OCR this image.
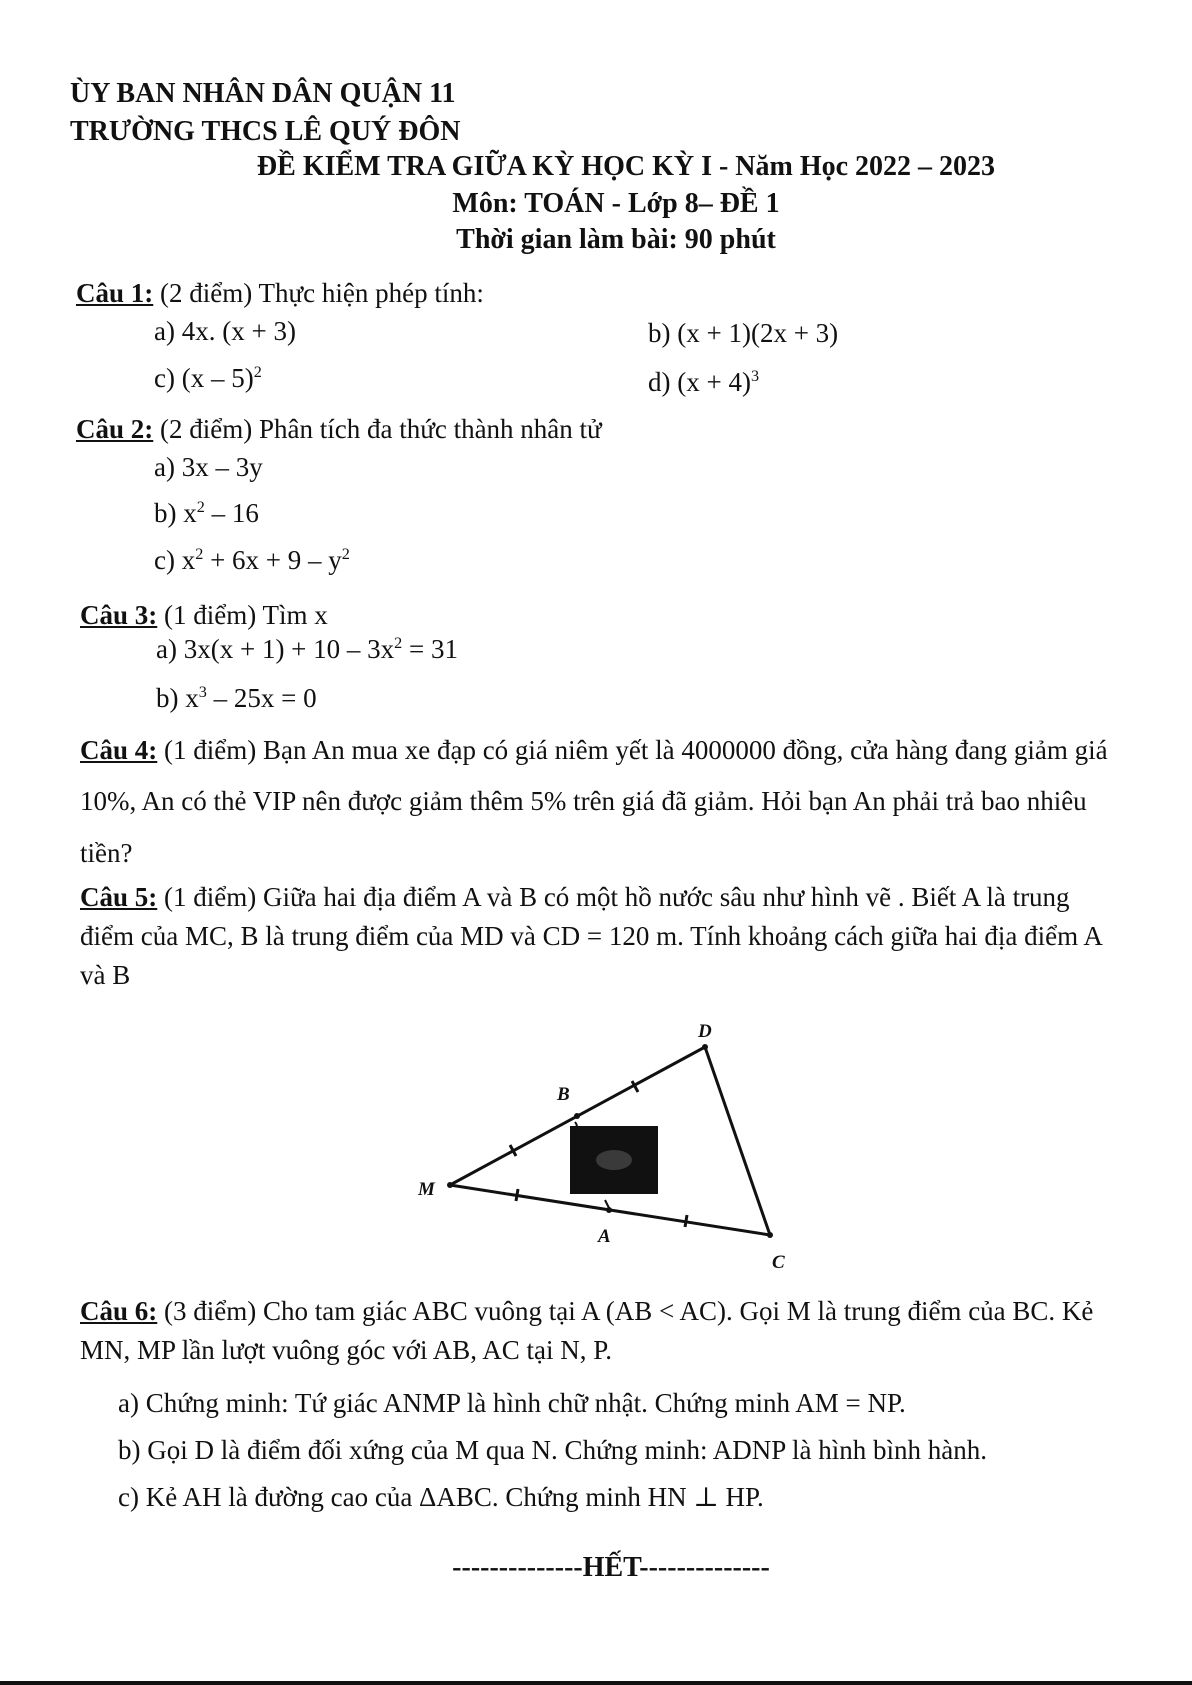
ÙY BAN NHÂN DÂN QUẬN 11
TRƯỜNG THCS LÊ QUÝ ĐÔN
ĐỀ KIỂM TRA GIỮA KỲ HỌC KỲ I - Năm Học 2022 – 2023
Môn: TOÁN - Lớp 8– ĐỀ 1
Thời gian làm bài: 90 phút
Câu 1: (2 điểm) Thực hiện phép tính:
a) 4x. (x + 3)	b) (x + 1)(2x + 3)
c) (x – 5)$^2$	d) $(x + 4)^3$
Câu 2: (2 điểm) Phân tích đa thức thành nhân tử
a) 3x – 3y
b) $x^2 - 16$
c) $x^2 + 6x + 9 - y^2$
Câu 3: (1 điểm) Tìm x
a) $3x(x + 1) + 10 - 3x^2 = 31$
b) $x^3 - 25x = 0$
Câu 4: (1 điểm) Bạn An mua xe đạp có giá niêm yết là 4000000 đồng, cửa hàng đang giảm giá 10%, An có thẻ VIP nên được giảm thêm 5% trên giá đã giảm. Hỏi bạn An phải trả bao nhiêu tiền?
Câu 5: (1 điểm) Giữa hai địa điểm A và B có một hồ nước sâu như hình vẽ . Biết A là trung điểm của MC, B là trung điểm của MD và CD = 120 m. Tính khoảng cách giữa hai địa điểm A và B
M
B
D
A
C
Câu 6: (3 điểm) Cho tam giác ABC vuông tại A (AB < AC). Gọi M là trung điểm của BC. Kẻ MN, MP lần lượt vuông góc với AB, AC tại N, P.
a) Chứng minh: Tứ giác ANMP là hình chữ nhật. Chứng minh AM = NP.
b) Gọi D là điểm đối xứng của M qua N. Chứng minh: ADNP là hình bình hành.
c) Kẻ AH là đường cao của ΔABC. Chứng minh HN ⊥ HP.
--------------HẾT--------------
